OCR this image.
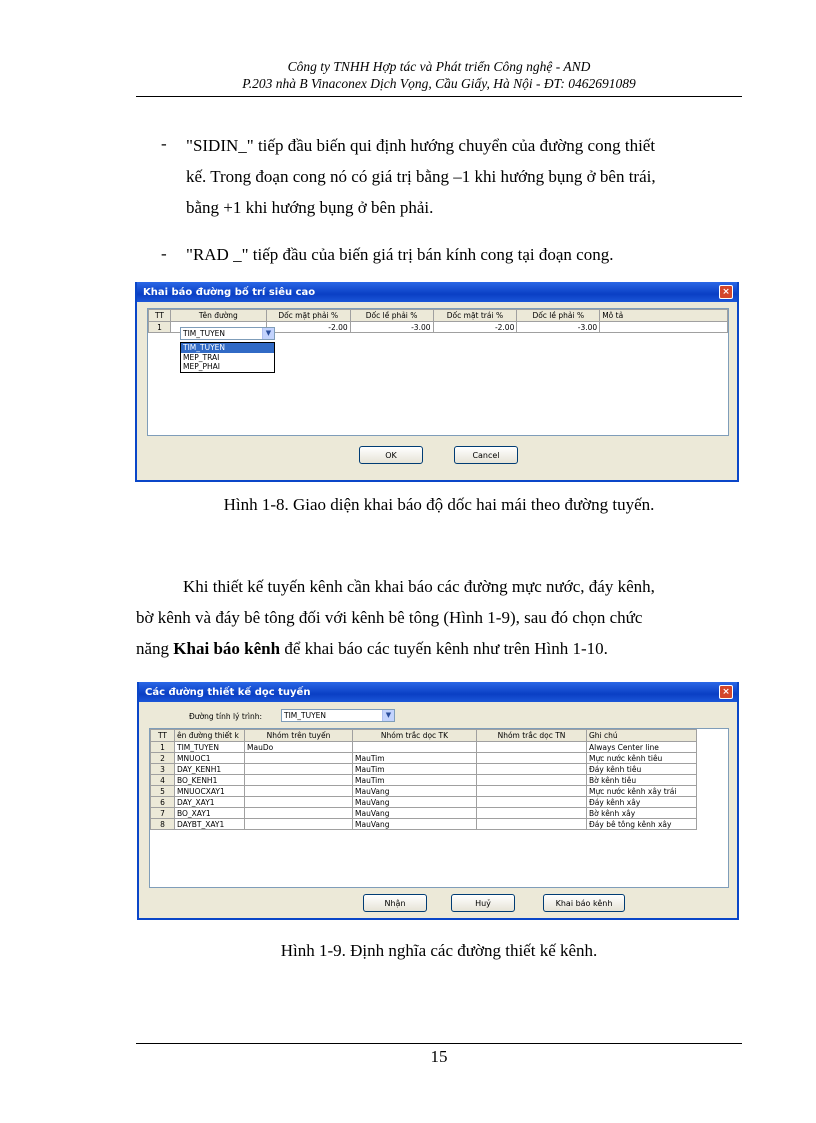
Công ty TNHH Hợp tác và Phát triển Công nghệ - AND
P.203 nhà B Vinaconex Dịch Vọng, Cầu Giấy, Hà Nội - ĐT: 0462691089
- "SIDIN_" tiếp đầu biến qui định hướng chuyển của đường cong thiết
kế. Trong đoạn cong nó có giá trị bằng –1 khi hướng bụng ở bên trái,
bằng +1 khi hướng bụng ở bên phải.
- "RAD _" tiếp đầu của biến giá trị bán kính cong tại đoạn cong.
Khai báo đường bố trí siêu cao	×
TT	Tên đường	Dốc mặt phải %	Dốc lề phải %	Dốc mặt trái %	Dốc lề phải %	Mô tả
1		-2.00	-3.00	-2.00	-3.00	
TIM_TUYEN	▼
TIM_TUYEN
MEP_TRAI
MEP_PHAI
OK	Cancel
Hình 1-8. Giao diện khai báo độ dốc hai mái theo đường tuyến.
Khi thiết kế tuyến kênh cần khai báo các đường mực nước, đáy kênh,
bờ kênh và đáy bê tông đối với kênh bê tông (Hình 1-9), sau đó chọn chức
năng Khai báo kênh để khai báo các tuyến kênh như trên Hình 1-10.
Các đường thiết kế dọc tuyến	×
Đường tính lý trình:	TIM_TUYEN	▼
TT	ên đường thiết k	Nhóm trên tuyến	Nhóm trắc dọc TK	Nhóm trắc dọc TN	Ghi chú
1	TIM_TUYEN	MauDo			Always Center line
2	MNUOC1		MauTim		Mực nước kênh tiêu
3	DAY_KENH1		MauTim		Đáy kênh tiêu
4	BO_KENH1		MauTim		Bờ kênh tiêu
5	MNUOCXAY1		MauVang		Mực nước kênh xây trái
6	DAY_XAY1		MauVang		Đáy kênh xây
7	BO_XAY1		MauVang		Bờ kênh xây
8	DAYBT_XAY1		MauVang		Đáy bê tông kênh xây
Nhận	Huỷ	Khai báo kênh
Hình 1-9. Định nghĩa các đường thiết kế kênh.
15
